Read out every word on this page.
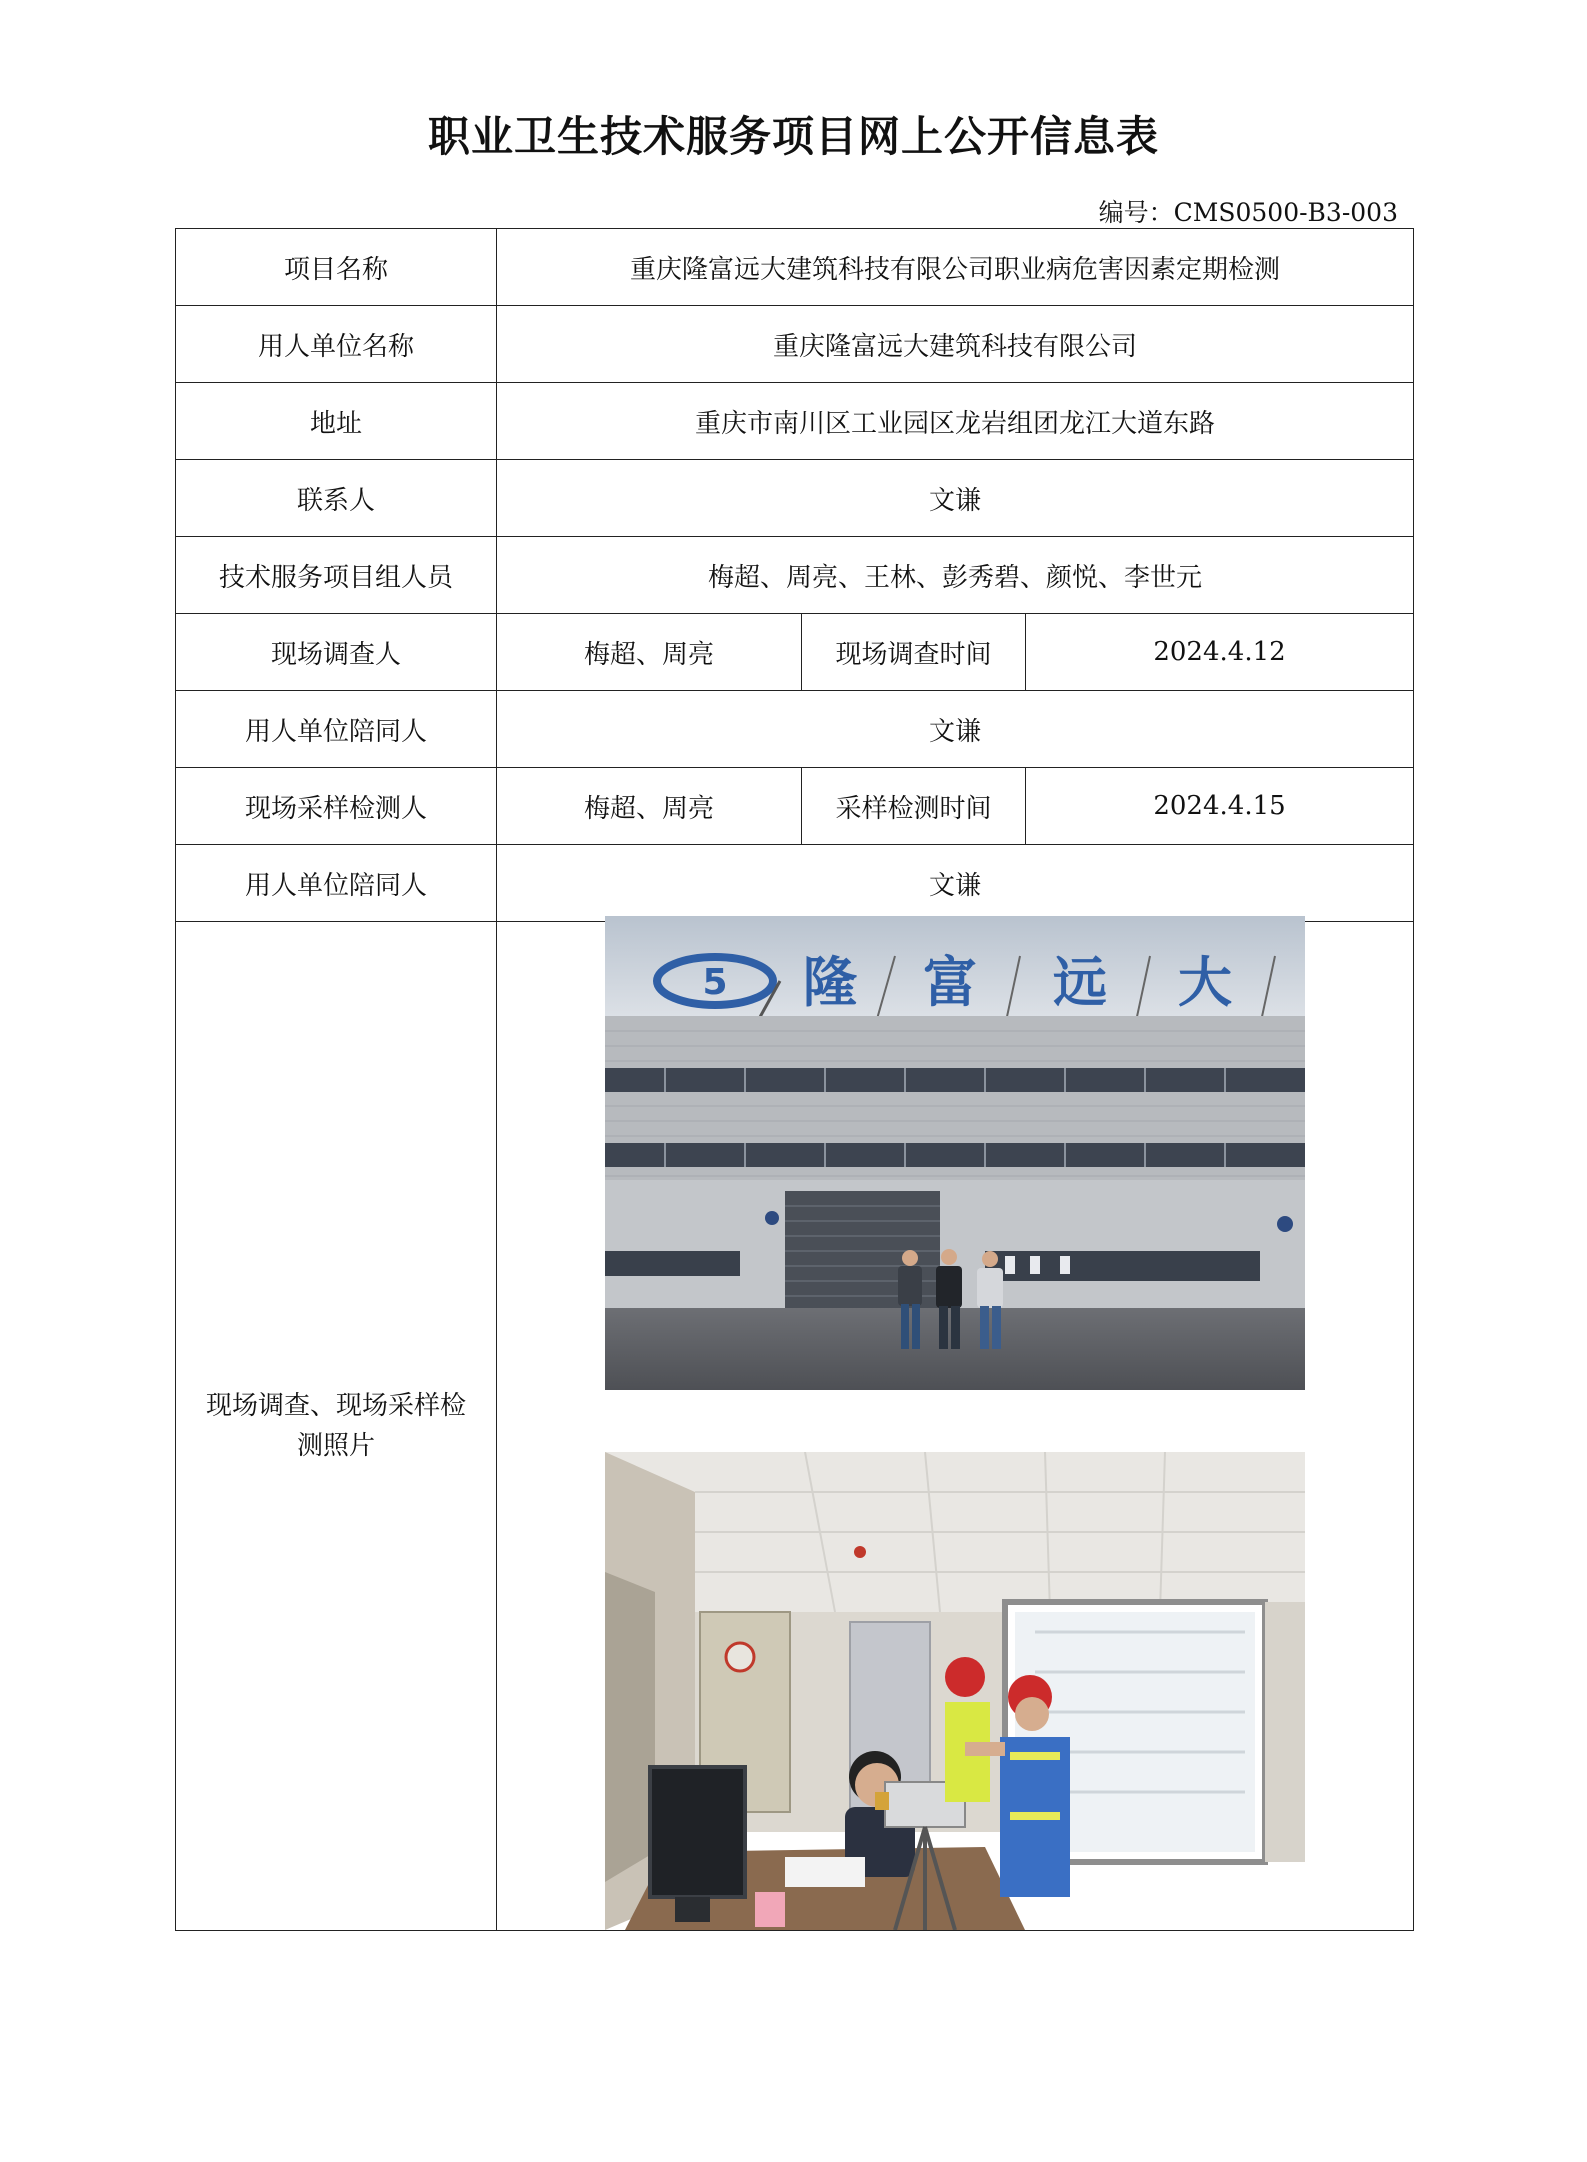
职业卫生技术服务项目网上公开信息表
编号：CMS0500-B3-003
项目名称	重庆隆富远大建筑科技有限公司职业病危害因素定期检测		
用人单位名称	重庆隆富远大建筑科技有限公司		
地址	重庆市南川区工业园区龙岩组团龙江大道东路		
联系人	文谦		
技术服务项目组人员	梅超、周亮、王林、彭秀碧、颜悦、李世元		
现场调查人	梅超、周亮	现场调查时间	2024.4.12
用人单位陪同人	文谦		
现场采样检测人	梅超、周亮	采样检测时间	2024.4.15
用人单位陪同人	文谦		
现场调查、现场采样检
测照片	5 隆 富 远 大		
